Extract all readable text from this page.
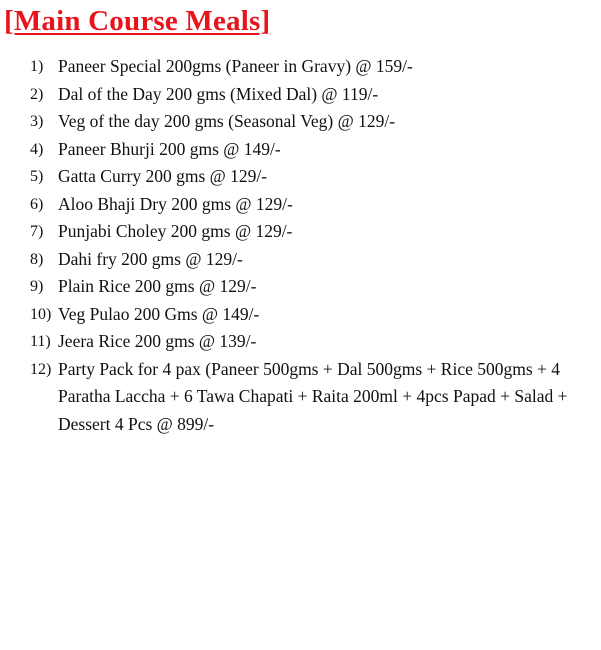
[Main Course Meals]
1) Paneer Special 200gms (Paneer in Gravy) @ 159/-
2) Dal of the Day 200 gms (Mixed Dal) @ 119/-
3) Veg of the day 200 gms (Seasonal Veg) @ 129/-
4) Paneer Bhurji 200 gms @ 149/-
5) Gatta Curry 200 gms @ 129/-
6) Aloo Bhaji Dry 200 gms @ 129/-
7) Punjabi Choley 200 gms @ 129/-
8) Dahi fry 200 gms @ 129/-
9) Plain Rice 200 gms @ 129/-
10) Veg Pulao 200 Gms @ 149/-
11) Jeera Rice 200 gms @ 139/-
12) Party Pack for 4 pax (Paneer 500gms + Dal 500gms + Rice 500gms + 4 Paratha Laccha + 6 Tawa Chapati + Raita 200ml + 4pcs Papad + Salad + Dessert 4 Pcs @ 899/-
